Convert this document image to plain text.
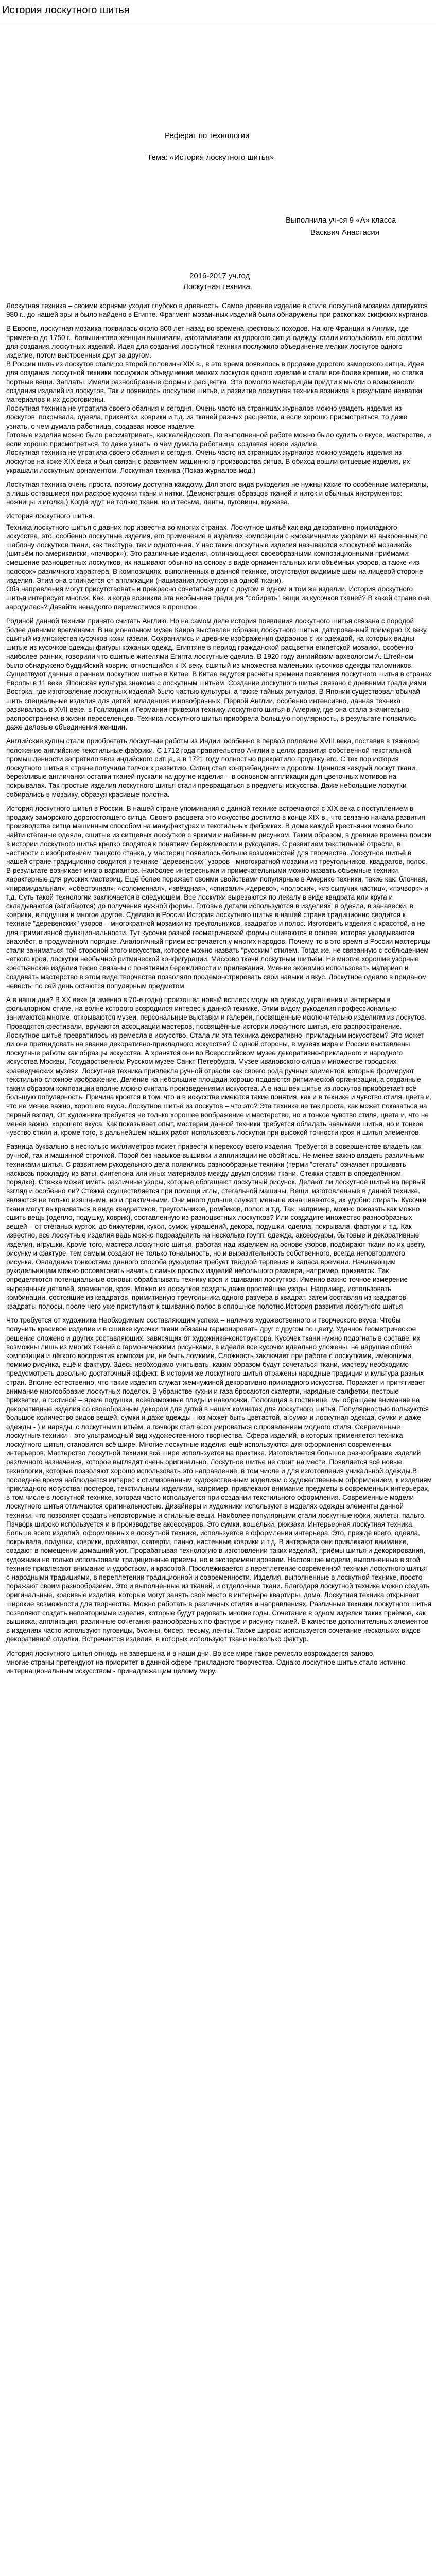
История лоскутного шитья

Реферат по технологии

Тема: «История лоскутного шитья»

Выполнила уч-ся 9 «А» класса

Васквич Анастасия

2016-2017 уч.год

Лоскутная техника.

Лоскутная техника – своими корнями уходит глубоко в древность. Самое древнее изделие в стиле лоскутной мозаики датируется 980 г.. до нашей эры и было найдено в Египте. Фрагмент мозаичных изделий были обнаружены при раскопках скифских курганов.

В Европе, лоскутная мозаика появилась около 800 лет назад во времена крестовых походов. На юге Франции и Англии, где примерно до 1750 г.. большинство женщин вышивали, изготавливали из дорогого ситца одежду, стали использовать его остатки для создания лоскутных изделий. Идея для создания лоскутной техники послужило объединение мелких лоскутов одного изделие, потом выстроенных друг за другом.
В России шить из лоскутов стали со второй половины XIX в., в это время появилось в продаже дорогого заморского ситца. Идея для создания лоскутной техники послужили объединение мелких лоскутов одного изделие и стали все более крепкие, но стелка портные вещи. Заплаты. Имели разнообразные формы и расцветка. Это помогло мастерицам придти к мысли о возможности создания изделий из лоскутов. Так и появилось лоскутное шитьё, и развитие лоскутная техника возникла в результате нехватки материалов и их дороговизны.
Лоскутная техника не утратила своего обаяния и сегодня. Очень часто на страницах журналов можно увидеть изделия из лоскутов: покрывала, одеяла, прихватки, коврики и т.д. из тканей разных расцветок, а если хорошо присмотреться, то даже узнать, о чем думала работница, создавая новое изделие.
Готовые изделия можно было рассматривать, как калейдоскоп. По выполненной работе можно было судить о вкусе, мастерстве, и если хорошо присмотреться, то даже узнать, о чём думала работница, создавая новое изделие.
Лоскутная техника не утратила своего обаяния и сегодня. Очень часто на страницах журналов можно увидеть изделия из лоскутов на коже XIX века и был связан с развитием машинного производства ситца. В обиход вошли ситцевые изделия, их украшали лоскутным орнаментом. Лоскутная техника (Показ журналов мод.)

Лоскутная техника очень проста, поэтому доступна каждому. Для этого вида рукоделия не нужны какие-то особенные материалы, а лишь оставшиеся при раскрое кусочки ткани и нитки. (Демонстрация образцов тканей и ниток и обычных инструментов: ножницы и иголка.) Когда идут не только ткани, но и тесьма, ленты, пуговицы, кружева.

История лоскутного шитья.

Техника лоскутного шитья с давних пор известна во многих странах. Лоскутное шитьё как вид декоративно-прикладного искусства, это, особенно лоскутные изделия, его применение в изделиях композиции с «мозаичными» узорами из выкроенных по шаблону лоскутков ткани, как текстура, так и однотонная. У нас такие лоскутные изделия называются «лоскутной мозаикой» (шитьём по-американски, «пэчворк»). Это различные изделия, отличающиеся своеобразными композиционными приёмами: смешение разноцветных лоскутков, их нашивают обычно на основу в виде орнаментальных или объёмных узоров, а также «из полосок» различного характера. В композициях, выполненных в данной технике, отсутствуют видимые швы на лицевой стороне изделия. Этим она отличается от аппликации (нашивания лоскутков на одной ткани).
Оба направления могут присутствовать и прекрасно сочетаться друг с другом в одном и том же изделии. История лоскутного шитья интересует многих. Как, и когда возникла эта необычная традиция "собирать" вещи из кусочков тканей? В какой стране она зародилась? Давайте ненадолго переместимся в прошлое.

Родиной данной техники принято считать Англию. Но на самом деле история появления лоскутного шитья связана с породой более давними временами. В национальном музее Каира выставлен образец лоскутного шитья, датированный примерно IX веку, сшитый из множества кусочков кожи газели. Сохранились и древние изображения фараонов с их одеждой, на которых видны шитые из кусочков одежды фигуры кожаных одежд. Египтяне в период гражданской расцветки египетской мозаики, особенно наиболее ранних, говорили что сшитые жителями Египта лоскутные одеяла. В 1920 году английским археологом А. Штейном было обнаружено буддийский коврик, относящийся к IX веку, сшитый из множества маленьких кусочков одежды паломников. Существуют данные о раннем лоскутном шитье в Китае. В Китае ведутся расчёты времени появления лоскутного шитья в странах Европы в 11 веке. Японская культура знакома с лоскутным шитьём. Создание лоскутного шитья связано с древними традициями Востока, где изготовление лоскутных изделий было частью культуры, а также тайных ритуалов. В Японии существовал обычай шить специальные изделия для детей, младенцев и новобрачных. Первой Англии, особенно интенсивно, данная техника развивалась в XVII веке, в Голландии и Германии привезли технику лоскутного шитья в Америку, где она стала значительно распространена в жизни переселенцев. Техника лоскутного шитья приобрела большую популярность, в результате появились даже деловые объединения женщин.

Английские купцы стали приобретать лоскутные работы из Индии, особенно в первой половине XVIII века, поставив в тяжёлое положение английские текстильные фабрики. С 1712 года правительство Англии в целях развития собственной текстильной промышленности запретило ввоз индийского ситца, а в 1721 году полностью прекратило продажу его. С тех пор история лоскутного шитья в стране получила толчок к развитию. Ситец стал контрабандным и дорогим. Ценился каждый лоскут ткани, бережливые англичанки остатки тканей пускали на другие изделия – в основном аппликации для цветочных мотивов на покрывалах. Так простые изделия лоскутного шитья стали превращаться в предметы искусства. Даже небольшие лоскутки собирались в мозаику, образуя красивые полотна.

История лоскутного шитья в России. В нашей стране упоминания о данной технике встречаются с XIX века с поступлением в продажу заморского дорогостоящего ситца. Своего расцвета это искусство достигло в конце XIX в., что связано начала развития производства ситца машинным способом на мануфактурах и текстильных фабриках. В доме каждой крестьянки можно было найти стёганые одеяла, сшитые из ситцевых лоскутков с яркими и набивным рисунком. Таким образом, в древние времена поиски в истории лоскутного шитья крепко сводятся к понятиям бережливости и рукоделия. С развитием текстильной отрасли, в частности с изобретением ткацкого станка, у мастериц появилось больше возможностей для творчества. Лоскутное шитьё в нашей стране традиционно сводится к технике "деревенских" узоров - многократной мозаики из треугольников, квадратов, полос. В результате возникает много вариантов. Наиболее интересными и примечательными можно назвать объемные техники, характерные для русских мастериц. Ещё более поражает своими свойствами популярные в Америке техники, такие как: блочная, «пирамидальная», «обёрточная», «соломенная», «звёздная», «спирали»,«дерево», «полоски», «из сыпучих частиц», «пэчворк» и т.д. Суть такой технологии заключается в следующем. Все лоскутки вырезаются по лекалу в виде квадрата или круга и складываются (загибаются) до получения нужной формы. Готовые детали используются в изделиях: в одеяла, в занавески, в коврики, в подушки и многое другое. Сделано в России История лоскутного шитья в нашей стране традиционно сводится к технике "деревенских" узоров – многократной мозаики из треугольников, квадратов и полос. Изготовить изделия с красотой, а не для примитивной функциональности. Тут кусочки разной геометрической формы сшиваются в основе, которая укладываются внахлёст, в продуманном порядке. Аналогичный прием встречается у многих народов. Почему-то в это время в России мастерицы стали заниматься той стороной этого искусства, которое можно назвать "русским" стилем. Тогда же, не связанную с соблюдением четкого кроя, лоскутки необычной ритмической конфигурации. Массово ткачи лоскутным шитьём. Не многие хорошие узорные крестьянские изделия тесно связаны с понятиями бережливости и прилежания. Умение экономно использовать материал и создавать мастерство в этом виде творчества позволяло продемонстрировать свои навыки и вкус. Лоскутное одеяло в приданом невесты по сей день остаются популярным предметом.

А в наши дни? В XX веке (а именно в 70-е годы) произошел новый всплеск моды на одежду, украшения и интерьеры в фольклорном стиле, на волне которого возродился интерес к данной технике. Этим видом рукоделия профессионально занимаются многие, открываются музеи, персональные выставки и галереи, посвящённые исключительно изделиям из лоскутов. Проводятся фестивали, вручаются ассоциации мастеров, посвящённые истории лоскутного шитья, его распространение. Лоскутное шитьё превратилось из ремесла в искусство. Стала ли эта техника декоративно- прикладным искусством? Это может ли она претендовать на звание декоративно-прикладного искусства? С одной стороны, в музеях мира и России выставлены лоскутные работы как образцы искусства. А хранятся они во Всероссийском музее декоративно-прикладного и народного искусства Москвы, Государственном Русском музее Санкт-Петербурга. Музее ивановского ситца и множестве городских краеведческих музеях. Лоскутная техника привлекла ручной отрасли как своего рода ручных элементов, которые формируют текстильно-сложное изображение. Деление на небольшие площади хорошо поддаются ритмической организации, а созданные таким образом композиции вполне можно считать произведениями искусства. А в наш век шитье из лоскутов приобретает всё большую популярность. Причина кроется в том, что и в искусстве имеются такие понятия, как и в технике и чувство стиля, цвета и, что не менее важно, хорошего вкуса. Лоскутное шитьё из лоскутов – что это? Эта техника не так проста, как может показаться на первый взгляд. От художника требуется не только хорошее воображение и мастерство, но и тонкое чувство стиля, цвета и, что не менее важно, хорошего вкуса. Как показывает опыт, мастерам данной техники требуется обладать навыками шитья, но и тонкое чувство стиля и, кроме того, в дальнейшем наших работ использовать лоскутки при высокой точности кроя и шитья элементов.

Разница буквально в несколько миллиметров может привести к перекосу всего изделия. Требуется в совершенстве владеть как ручной, так и машинной строчкой. Порой без навыков вышивки и аппликации не обойтись. Не менее важно владеть различными техниками шитья. С развитием рукодельного дела появились разнообразные техники (терми "стегать" означает прошивать насквозь прокладку из ваты, синтепона или иных материалов между двумя слоями ткани. Стежки ставят в определённом порядке). Стежка может иметь различные узоры, которые обогащают лоскутный рисунок. Делают ли лоскутное шитьё на первый взгляд и особенно ли? Стежка осуществляется при помощи иглы, стегальной машины. Вещи, изготовленные в данной технике, являются не только изящными, но и практичными. Они много дольше служат, меньше изнашиваются, их удобно стирать. Кусочки ткани могут выкраиваться в виде квадратиков, треугольников, ромбиков, полос и т.д. Так, например, можно показать как можно сшить вещь (одеяло, подушку, коврик), составленную из разноцветных лоскутков? Или создадите множество разнообразных вещей – от стёганых курток, до бижутерии, кукол, сумок, украшений, декора, подушки, одеяла, покрывала, фартуки и т.д. Как известно, все лоскутные изделия ведь можно подразделить на несколько групп: одежда, аксессуары, бытовые и декоративные изделия, игрушки. Кроме того, мастера лоскутного шитья, работая над изделием на основе узоров, подбирают ткани по их цвету, рисунку и фактуре, тем самым создают не только тональность, но и выразительность собственного, всегда неповторимого рисунка. Овладение тонкостями данного способа рукоделия требует твёрдой терпения и запаса времени. Начинающим рукодельницам можно посоветовать начать с самых простых изделий небольшого размера, например, прихваток. Так определяются потенциальные основы: обрабатывать технику кроя и сшивания лоскутков. Именно важно точное измерение вырезанных деталей, элементов, кроя. Можно из лоскутков создать даже простейшие узоры. Например, использовать комбинации, состоящие из квадратов, примитивную треугольника одного размера в квадрат, затем составляя из квадратов квадраты полосы, после чего уже приступают к сшиванию полос в сплошное полотно.История развития лоскутного шитья

Что требуется от художника Необходимым составляющим успеха – наличие художественного и творческого вкуса. Чтобы получить красивое изделие и в сшивке кусочки ткани обязаны гармонировать друг с другом по цвету. Удачное геометрическое решение сложено и других составляющих, зависящих от художника-конструктора. Кусочек ткани нужно подогнать в составе, их возможны лишь из многих тканей с гармоническими рисунками, в идеале все кусочки идеально уложены, не нарушая общей композиции и лёгкого восприятия композиции, не быть ломкими. Сложность заключает при работе с лоскутками, имеющими, помимо рисунка, ещё и фактуру. Здесь необходимо учитывать, каким образом будут сочетаться ткани, мастеру необходимо предусмотреть довольно достаточный эффект. В истории же лоскутного шитья отражены народные традиции и культура разных стран. Вполне естественно, что такие изделия служат жемчужиной декоративно-прикладного искусства. Поражает и притягивает внимание многообразие лоскутных поделок. В убранстве кухни и газа бросаются скатерти, нарядные салфетки, пестрые прихватки, а гостиной – яркие подушки, всевозможные пледы и наволочки. Пологащая в гостинице, мы обращаем внимание на декоративные изделия со своеобразным декором для детей в наших комнатах для лоскутного шитья. Популярностью пользуются большое количество видов вещей, сумки и даже одежды - юз может быть цветастой, а сумки и лоскутная одежда, сумки и даже одежды - ) и наряды, с лоскутным шитьём, а пэчворк стал ассоциироваться с проявлением модного стиля. Современные лоскутные техники – это ультрамодный вид художественного творчества. Сфера изделий, в которых применяется техника лоскутного шитья, становится всё шире. Многие лоскутные изделия ещё используются для оформления современных интерьеров. Мастерство лоскутной техники всё шире используется на практике. Изготовляется большое разнообразие изделий различного назначения, которое выглядят очень оригинально. Лоскутное шитье не стоит на месте. Появляется всё новые технологии, которые позволяют хорошо использовать это направление, в том числе и для изготовления уникальной одежды.В последнее время наблюдается интерес к стилизованным художественным изделиям с художественным оформлением, к изделиям прикладного искусства: постеров, текстильным изделиям, например, привлекают внимание предметы в современных интерьерах, в том числе в лоскутной технике, которая часто используется при создании текстильного оформления. Современные модели лоскутного шитья отличаются оригинальностью. Дизайнеры и художники используют в моделях одежды элементы данной техники, что позволяет создать неповторимые и стильные вещи. Наиболее популярными стали лоскутные юбки, жилеты, пальто. Пэчворк широко используется и в производстве аксессуаров. Это сумки, кошельки, рюкзаки. Интерьерная лоскутная техника. Больше всего изделий, оформленных в лоскутной технике, используется в оформлении интерьера. Это, прежде всего, одеяла, покрывала, подушки, коврики, прихватки, скатерти, панно, настенные коврики и т.д. В интерьере они привлекают внимание, создают в помещении домашний уют. Прорабатывая технологию в изготовлении таких изделий, приёмы шитья и декорирования, художники не только использовали традиционные приемы, но и экспериментировали. Настоящие модели, выполненные в этой технике привлекают внимание и удобством, и красотой. Прослеживается в переплетение современной техники лоскутного шитья с народными традициями, в переплетении традиционной и современности. Изделия, выполненные в лоскутной технике, просто поражают своим разнообразием. Это и выполненные из тканей, и отделочные ткани. Благодаря лоскутной технике можно создать оригинальные, красивые изделия, которые могут занять своё место в интерьере квартиры, дома. Лоскутная техника открывает широкие возможности для творчества. Можно работать в различных стилях и направлениях. Различные техники лоскутного шитья позволяют создать неповторимые изделия, которые будут радовать многие годы. Сочетание в одном изделии таких приёмов, как вышивка, аппликация, различные сочетания разнообразных по фактуре и рисунку тканей. В качестве дополнительных элементов в изделиях часто используют пуговицы, бусины, бисер, тесьму, ленты. Также широко используется сочетание нескольких видов декоративной отделки. Встречаются изделия, в которых используют ткани несколько фактур.

История лоскутного шитья отнюдь не завершена и в наши дни. Во все мире такое ремесло возрождается заново,
многие страны претендуют на приоритет в данной сфере прикладного творчества. Однако лоскутное шитье стало истинно интернациональным искусством - принадлежащим целому миру.
